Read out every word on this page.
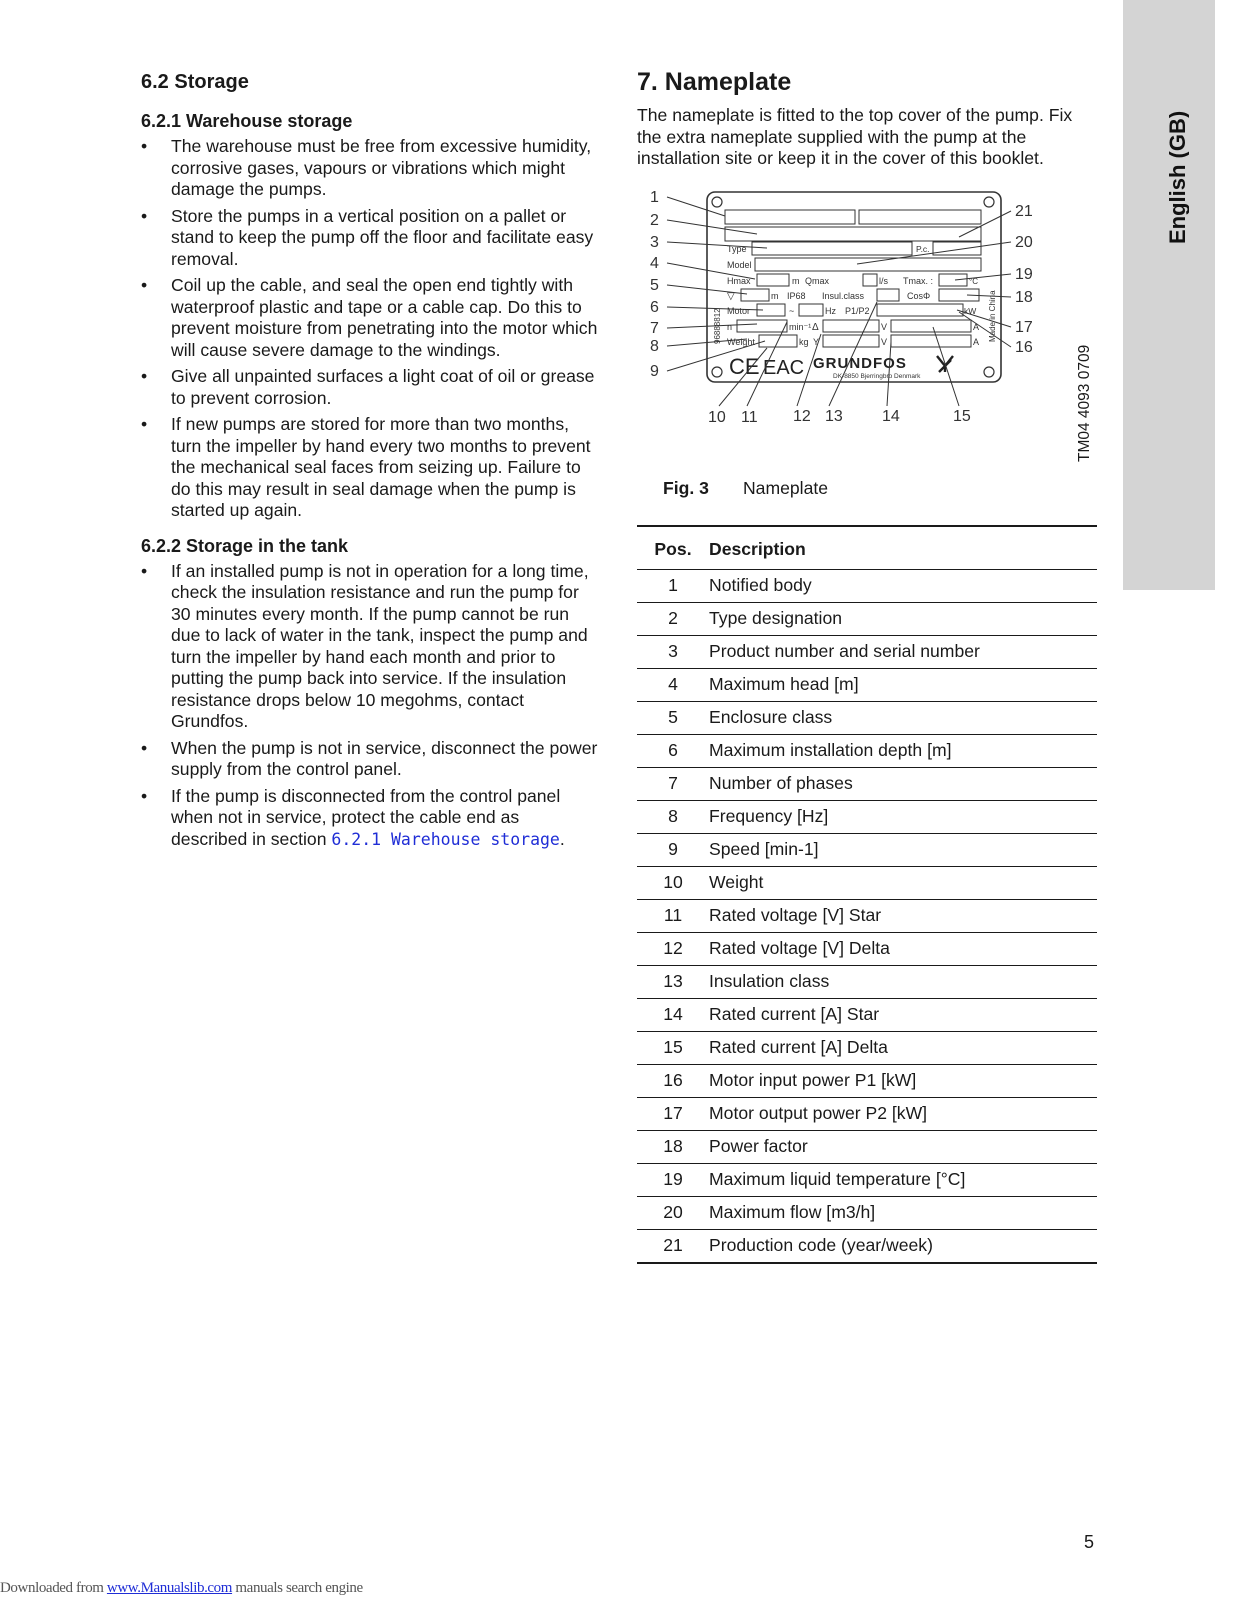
6.2 Storage
6.2.1 Warehouse storage
• The warehouse must be free from excessive humidity, corrosive gases, vapours or vibrations which might damage the pumps.
• Store the pumps in a vertical position on a pallet or stand to keep the pump off the floor and facilitate easy removal.
• Coil up the cable, and seal the open end tightly with waterproof plastic and tape or a cable cap. Do this to prevent moisture from penetrating into the motor which will cause severe damage to the windings.
• Give all unpainted surfaces a light coat of oil or grease to prevent corrosion.
• If new pumps are stored for more than two months, turn the impeller by hand every two months to prevent the mechanical seal faces from seizing up. Failure to do this may result in seal damage when the pump is started up again.
6.2.2 Storage in the tank
• If an installed pump is not in operation for a long time, check the insulation resistance and run the pump for 30 minutes every month. If the pump cannot be run due to lack of water in the tank, inspect the pump and turn the impeller by hand each month and prior to putting the pump back into service. If the insulation resistance drops below 10 megohms, contact Grundfos.
• When the pump is not in service, disconnect the power supply from the control panel.
• If the pump is disconnected from the control panel when not in service, protect the cable end as described in section 6.2.1 Warehouse storage.
7. Nameplate

The nameplate is fitted to the top cover of the pump. Fix the extra nameplate supplied with the pump at the installation site or keep it in the cover of this booklet.

Type	P.c.
Model
Hmax	m Qmax	l/s Tmax. :	°C
▽	m IP68 Insul.class	CosΦ
Motor	~	Hz P1/P2	kW
n	min⁻¹ Δ	V	A
Weight	kg Y	V	A
96888812	Made in China
CE EAC GRUNDFOS
DK-8850 Bjerringbro Denmark
1
2
3
4
5
6
7
8
9
21
20
19
18
17
16
10 11 12 13 14	15	TM04 4093 0709
Fig. 3 Nameplate
Pos.	Description
1	Notified body
2	Type designation
3	Product number and serial number
4	Maximum head [m]
5	Enclosure class
6	Maximum installation depth [m]
7	Number of phases
8	Frequency [Hz]
9	Speed [min-1]
10	Weight
11	Rated voltage [V] Star
12	Rated voltage [V] Delta
13	Insulation class
14	Rated current [A] Star
15	Rated current [A] Delta
16	Motor input power P1 [kW]
17	Motor output power P2 [kW]
18	Power factor
19	Maximum liquid temperature [°C]
20	Maximum flow [m3/h]
21	Production code (year/week)
English (GB)
5
Downloaded from www.Manualslib.com manuals search engine
